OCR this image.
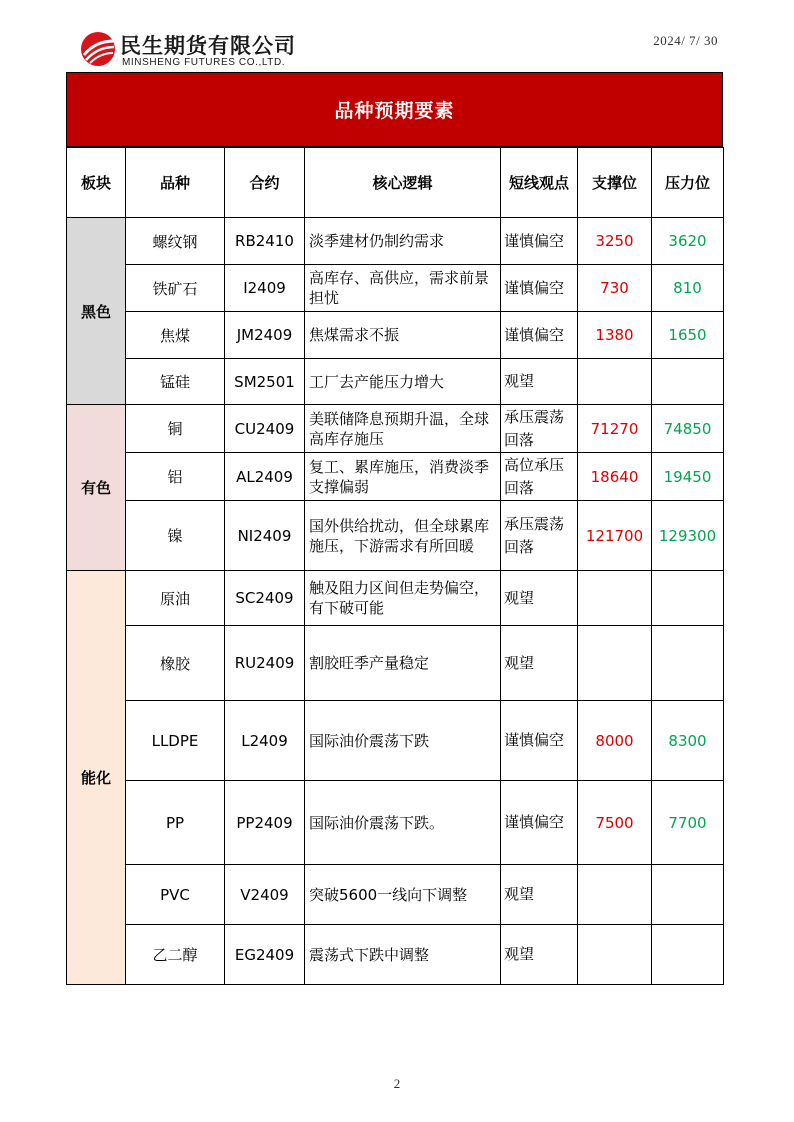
民生期货有限公司
MINSHENG FUTURES CO.,LTD.
2024/ 7/ 30
品种预期要素
板块	品种	合约	核心逻辑	短线观点	支撑位	压力位
黑色	螺纹钢	RB2410	淡季建材仍制约需求	谨慎偏空	3250	3620
	铁矿石	I2409	高库存、高供应，需求前景担忧	谨慎偏空	730	810
	焦煤	JM2409	焦煤需求不振	谨慎偏空	1380	1650
	锰硅	SM2501	工厂去产能压力增大	观望		
有色	铜	CU2409	美联储降息预期升温，全球高库存施压	承压震荡回落	71270	74850
	铝	AL2409	复工、累库施压，消费淡季支撑偏弱	高位承压回落	18640	19450
	镍	NI2409	国外供给扰动，但全球累库施压，下游需求有所回暖	承压震荡回落	121700	129300
能化	原油	SC2409	触及阻力区间但走势偏空，有下破可能	观望		
	橡胶	RU2409	割胶旺季产量稳定	观望		
	LLDPE	L2409	国际油价震荡下跌	谨慎偏空	8000	8300
	PP	PP2409	国际油价震荡下跌。	谨慎偏空	7500	7700
	PVC	V2409	突破5600一线向下调整	观望		
	乙二醇	EG2409	震荡式下跌中调整	观望		
2
